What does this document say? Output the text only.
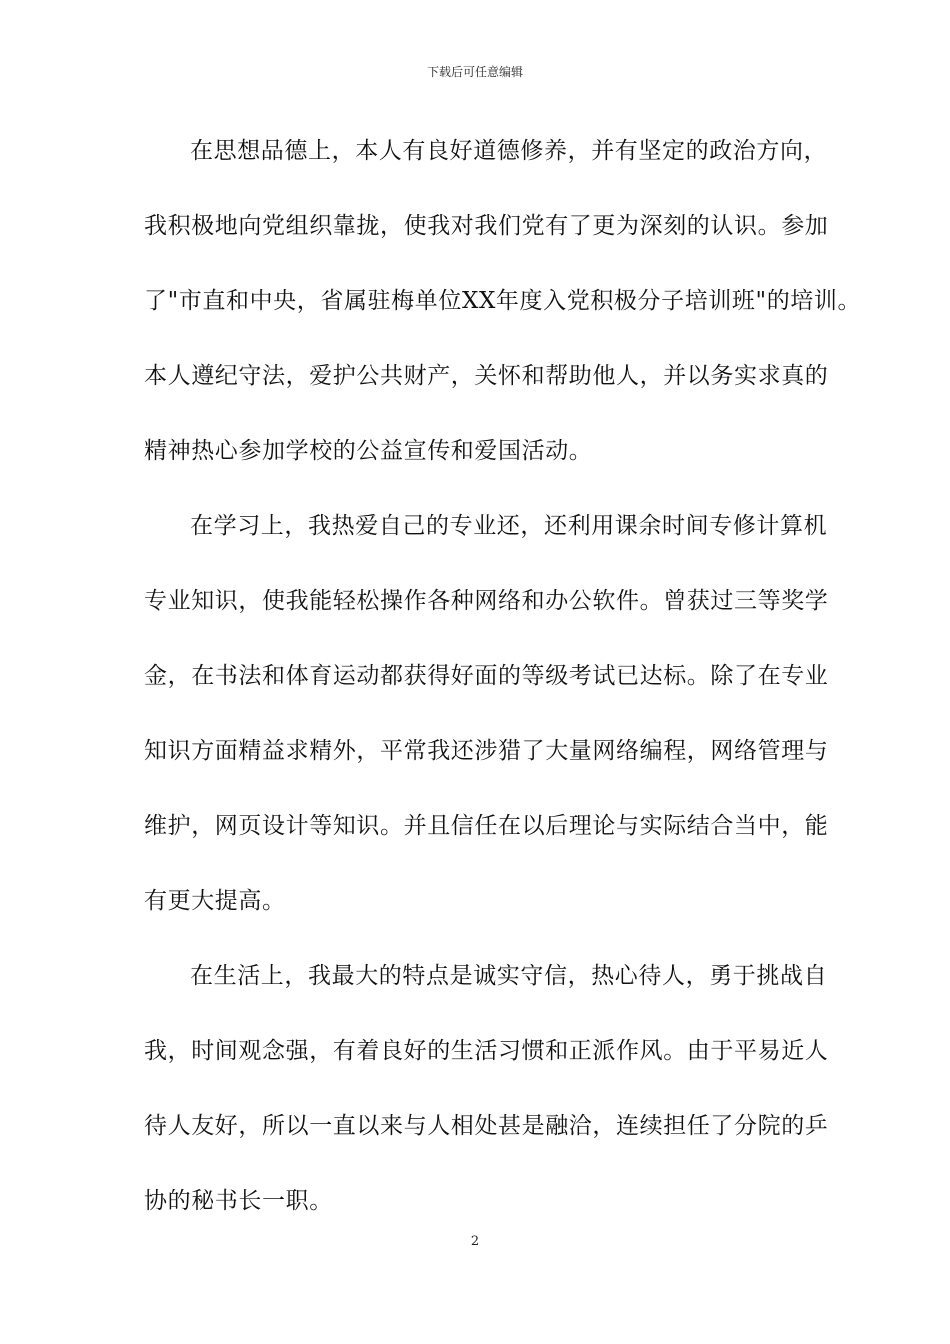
下载后可任意编辑
在思想品德上，本人有良好道德修养，并有坚定的政治方向，
我积极地向党组织靠拢，使我对我们党有了更为深刻的认识。参加
了"市直和中央，省属驻梅单位XX年度入党积极分子培训班"的培训。
本人遵纪守法，爱护公共财产，关怀和帮助他人，并以务实求真的
精神热心参加学校的公益宣传和爱国活动。
在学习上，我热爱自己的专业还，还利用课余时间专修计算机
专业知识，使我能轻松操作各种网络和办公软件。曾获过三等奖学
金，在书法和体育运动都获得好面的等级考试已达标。除了在专业
知识方面精益求精外，平常我还涉猎了大量网络编程，网络管理与
维护，网页设计等知识。并且信任在以后理论与实际结合当中，能
有更大提高。
在生活上，我最大的特点是诚实守信，热心待人，勇于挑战自
我，时间观念强，有着良好的生活习惯和正派作风。由于平易近人
待人友好，所以一直以来与人相处甚是融洽，连续担任了分院的乒
协的秘书长一职。
2
